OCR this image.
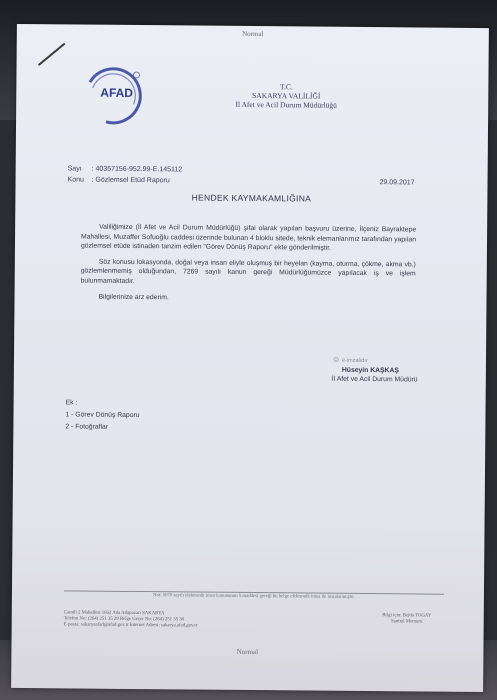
Normal
AFAD	T.C.
SAKARYA VALİLİĞİ
İl Afet ve Acil Durum Müdürlüğü
Sayı : 40357156-952.99-E.145112
Konu : Gözlemsel Etüd Raporu	29.09.2017
HENDEK KAYMAKAMLIĞINA

Valiliğimize (İl Afet ve Acil Durum Müdürlüğü) şifai olarak yapılan başvuru üzerine, İlçeniz Bayraktepe Mahallesi, Muzaffer Sofuoğlu caddesi üzerinde bulunan 4 bloklu sitede, teknik elemanlarımız tarafından yapılan gözlemsel etüde istinaden tanzim edilen "Görev Dönüş Raporu" ekte gönderilmiştir.

Söz konusu lokasyonda, doğal veya insan eliyle oluşmuş bir heyelan (kayma, oturma, çökme, akma vb.) gözlemlenmemiş olduğundan, 7269 sayılı kanun gereği Müdürlüğümüzce yapılacak iş ve işlem bulunmamaktadır.

Bilgilerinize arz ederim.

☺ e-imzalıdır
Hüseyin KAŞKAŞ
İl Afet ve Acil Durum Müdürü
Ek :
1 - Görev Dönüş Raporu
2 - Fotoğraflar
Not: 5070 sayılı elektronik imza kanununun 5.maddesi gereği bu belge elektronik imza ile imzalanmıştır.
Camili 2 Mahallesi 1662 Ada Adapazarı SAKARYA
Telefon No: (264) 251 35 29 Belge Geçer No: (264) 251 35 30
E-posta: sakaryaafad@afad.gov.tr İnternet Adresi: sakarya.afad.gov.tr
Bilgi için: Bejda TOGAY
Santral Memuru
Normal
